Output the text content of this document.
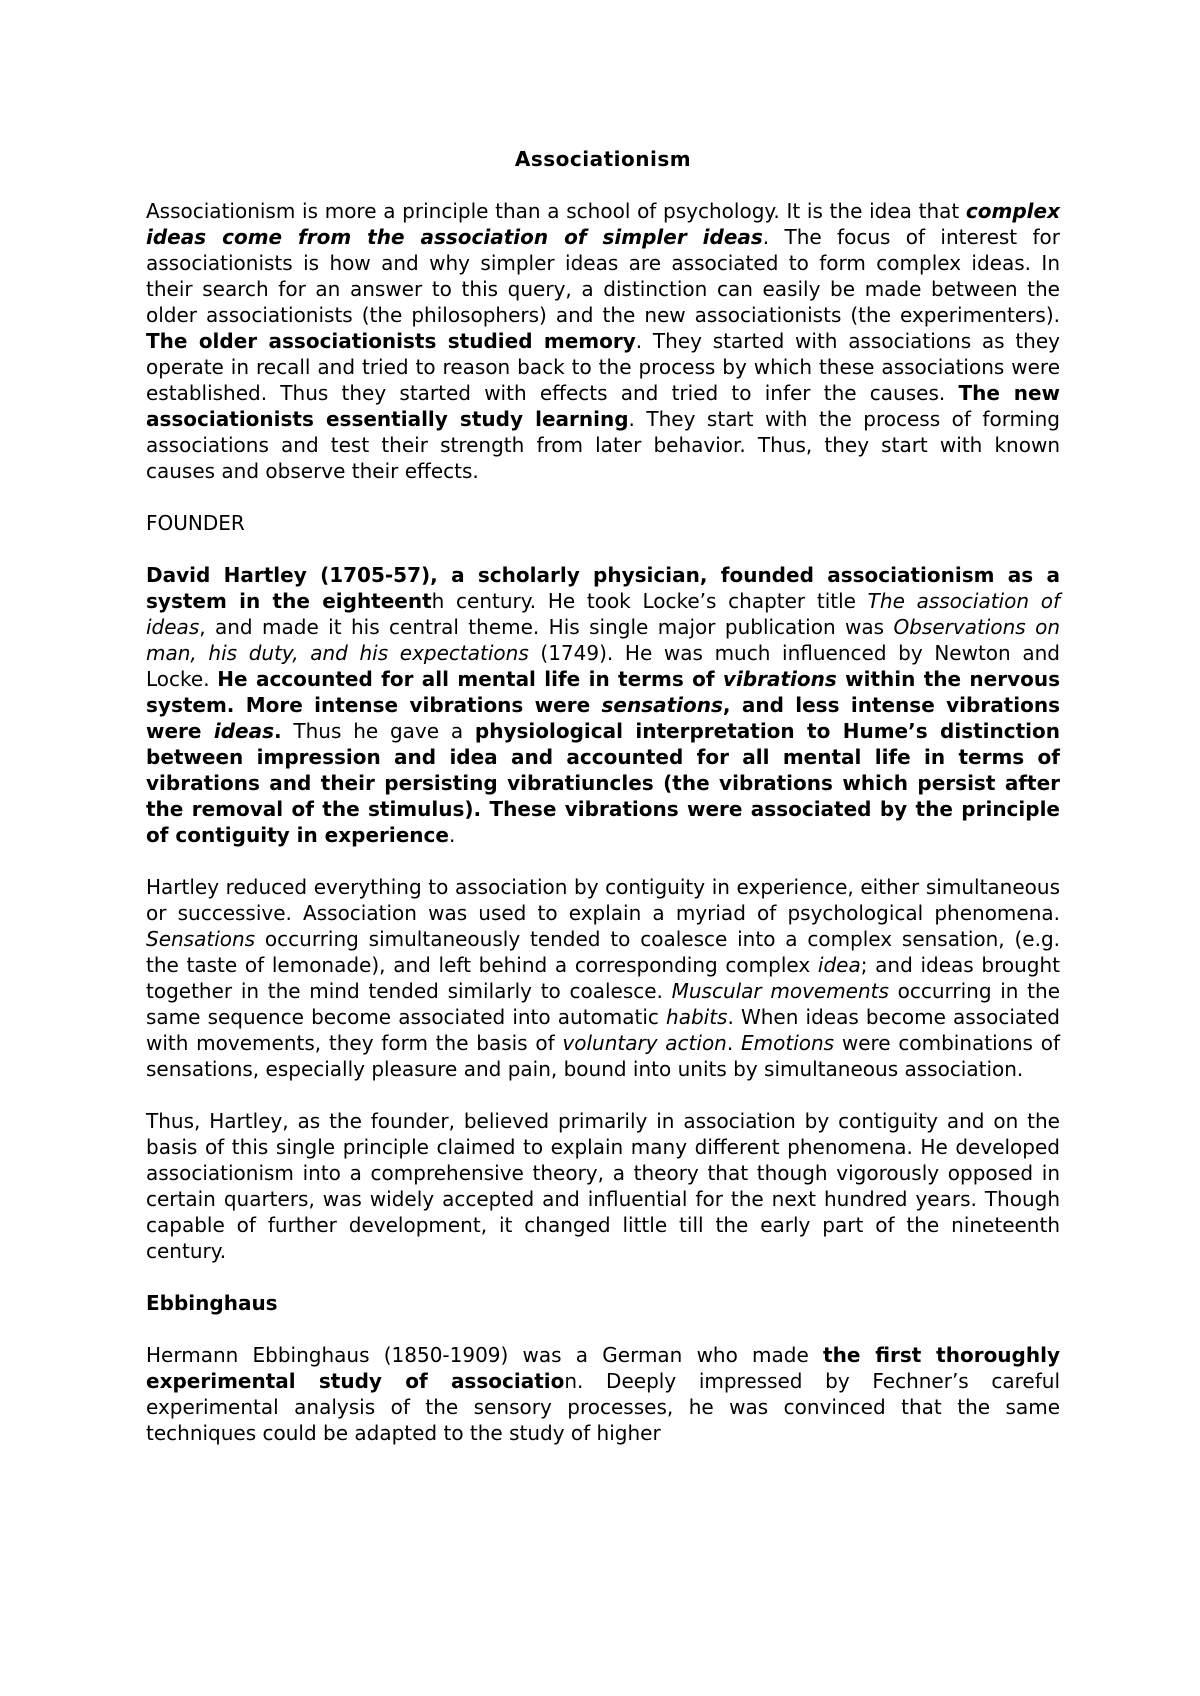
Associationism
Associationism is more a principle than a school of psychology. It is the idea that complex ideas come from the association of simpler ideas. The focus of interest for associationists is how and why simpler ideas are associated to form complex ideas. In their search for an answer to this query, a distinction can easily be made between the older associationists (the philosophers) and the new associationists (the experimenters). The older associationists studied memory. They started with associations as they operate in recall and tried to reason back to the process by which these associations were established. Thus they started with effects and tried to infer the causes. The new associationists essentially study learning. They start with the process of forming associations and test their strength from later behavior. Thus, they start with known causes and observe their effects.
FOUNDER
David Hartley (1705-57), a scholarly physician, founded associationism as a system in the eighteenth century. He took Locke’s chapter title The association of ideas, and made it his central theme. His single major publication was Observations on man, his duty, and his expectations (1749). He was much influenced by Newton and Locke. He accounted for all mental life in terms of vibrations within the nervous system. More intense vibrations were sensations, and less intense vibrations were ideas. Thus he gave a physiological interpretation to Hume’s distinction between impression and idea and accounted for all mental life in terms of vibrations and their persisting vibratiuncles (the vibrations which persist after the removal of the stimulus). These vibrations were associated by the principle of contiguity in experience.
Hartley reduced everything to association by contiguity in experience, either simultaneous or successive. Association was used to explain a myriad of psychological phenomena. Sensations occurring simultaneously tended to coalesce into a complex sensation, (e.g. the taste of lemonade), and left behind a corresponding complex idea; and ideas brought together in the mind tended similarly to coalesce. Muscular movements occurring in the same sequence become associated into automatic habits. When ideas become associated with movements, they form the basis of voluntary action. Emotions were combinations of sensations, especially pleasure and pain, bound into units by simultaneous association.
Thus, Hartley, as the founder, believed primarily in association by contiguity and on the basis of this single principle claimed to explain many different phenomena. He developed associationism into a comprehensive theory, a theory that though vigorously opposed in certain quarters, was widely accepted and influential for the next hundred years. Though capable of further development, it changed little till the early part of the nineteenth century.
Ebbinghaus
Hermann Ebbinghaus (1850-1909) was a German who made the first thoroughly experimental study of association. Deeply impressed by Fechner’s careful experimental analysis of the sensory processes, he was convinced that the same techniques could be adapted to the study of higher
